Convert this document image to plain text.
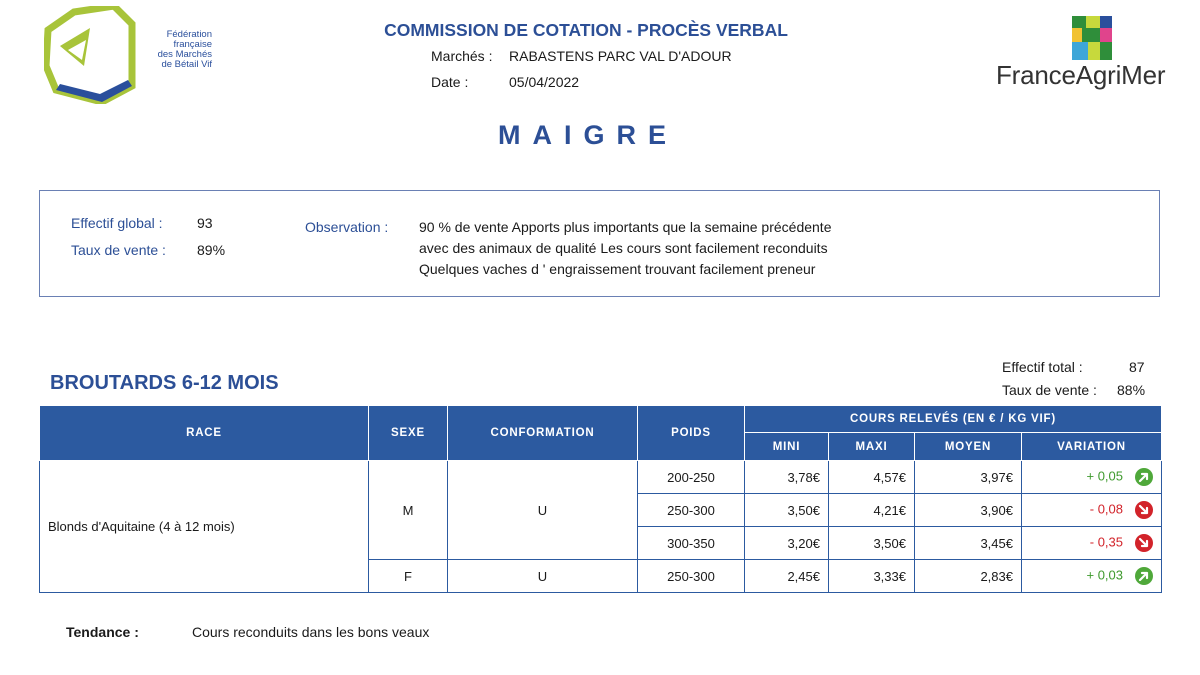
Fédération
française
des Marchés
de Bétail Vif	FranceAgriMer
COMMISSION DE COTATION - PROCÈS VERBAL
Marchés : RABASTENS PARC VAL D'ADOUR
Date :	05/04/2022
MAIGRE
Effectif global : 93
Taux de vente : 89%
Observation : 90 % de vente Apports plus importants que la semaine précédente
avec des animaux de qualité Les cours sont facilement reconduits
Quelques vaches d ' engraissement trouvant facilement preneur
BROUTARDS 6-12 MOIS
Effectif total :	87
Taux de vente : 88%
RACE	SEXE	CONFORMATION	POIDS	COURS RELEVÉS (EN € / KG VIF)			
				MINI	MAXI	MOYEN	VARIATION
Blonds d'Aquitaine (4 à 12 mois)	M	U	200-250	3,78€	4,57€	3,97€	+ 0,05

			250-300	3,50€	4,21€	3,90€	- 0,08

			300-350	3,20€	3,50€	3,45€	- 0,35

	F	U	250-300	2,45€	3,33€	2,83€	+ 0,03
Tendance :	Cours reconduits dans les bons veaux
